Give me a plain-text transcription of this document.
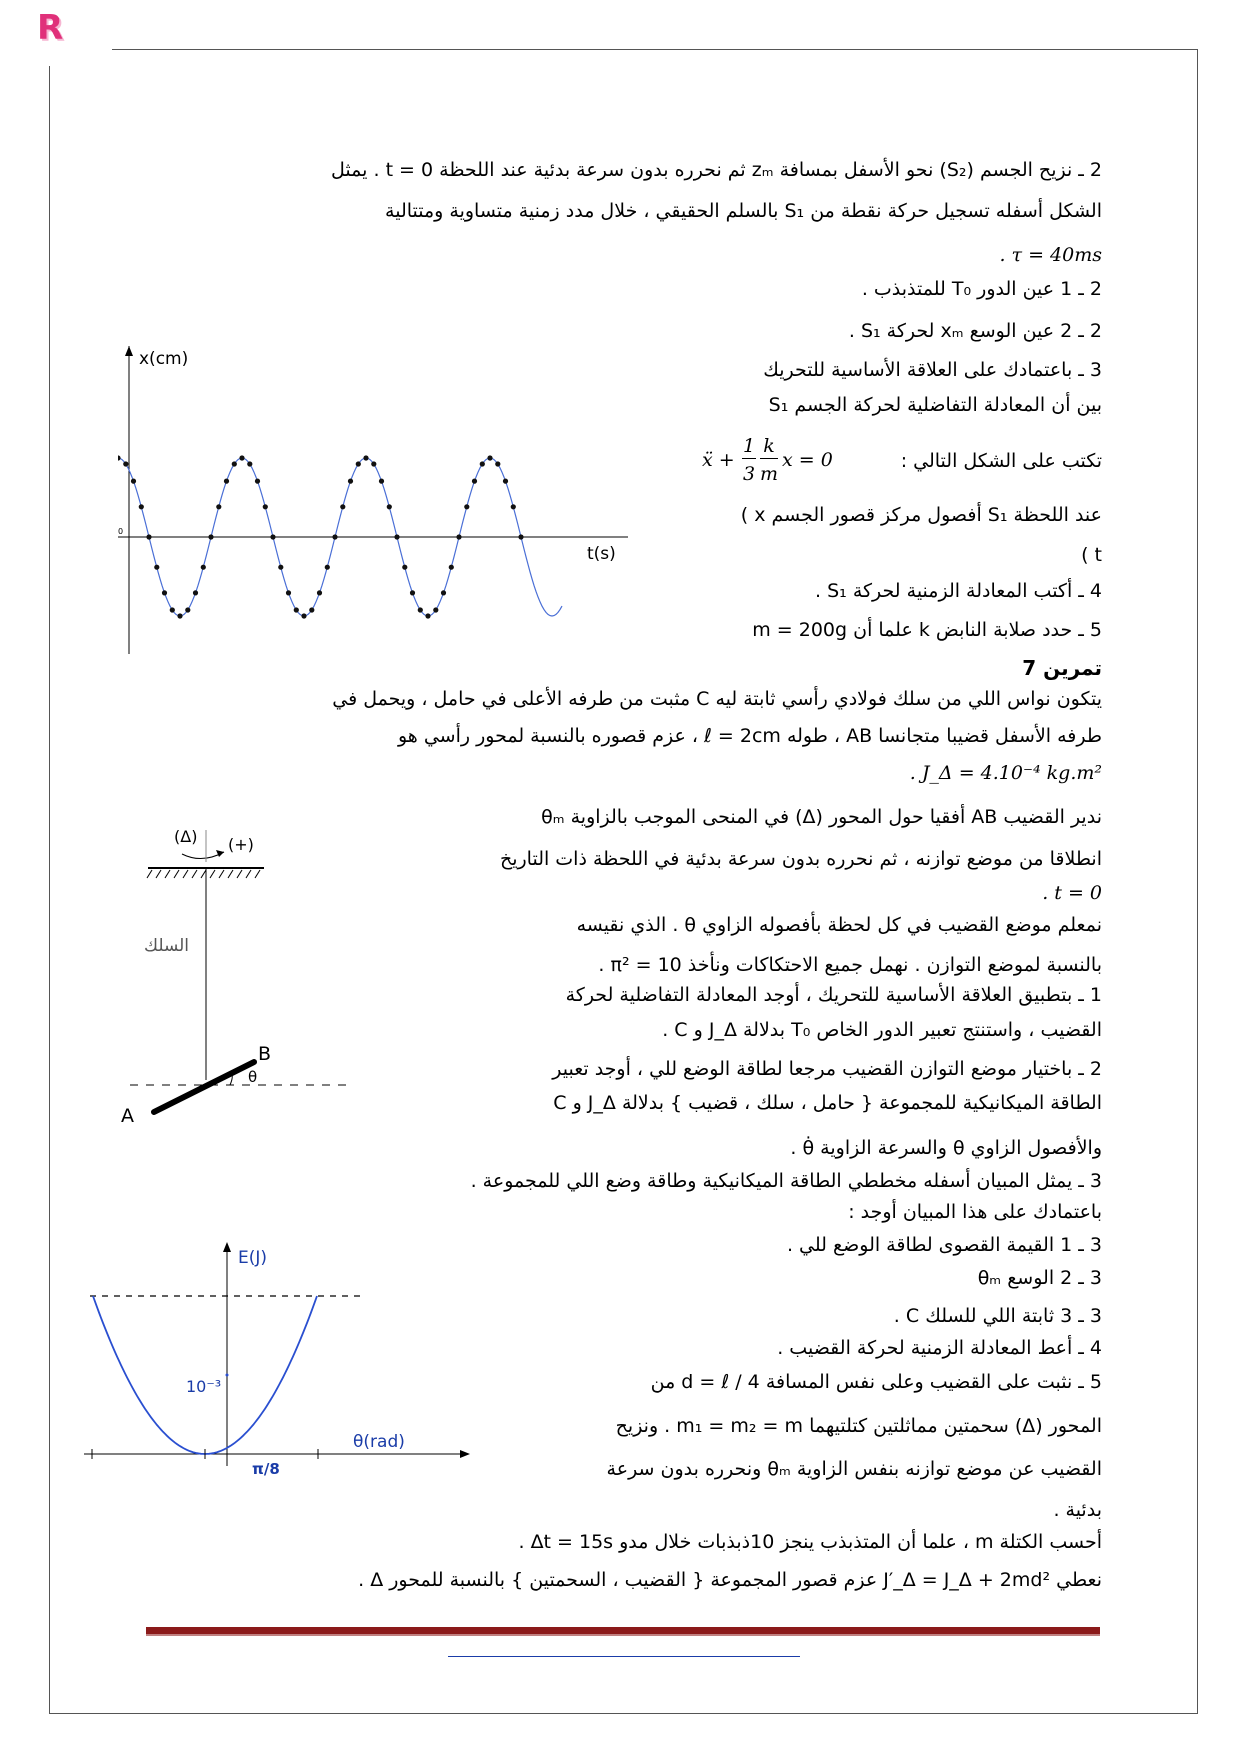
R
2 ـ نزيح الجسم (S₂) نحو الأسفل بمسافة zₘ ثم نحرره بدون سرعة بدئية عند اللحظة t = 0 . يمثل
الشكل أسفله تسجيل حركة نقطة من S₁ بالسلم الحقيقي ، خلال مدد زمنية متساوية ومتتالية
. τ = 40ms
2 ـ 1 عين الدور T₀ للمتذبذب .
2 ـ 2 عين الوسع xₘ لحركة S₁ .
3 ـ باعتمادك على العلاقة الأساسية للتحريك
بين أن المعادلة التفاضلية لحركة الجسم S₁
تكتب على الشكل التالي :
ẍ +
1
3
k
m
x = 0
( x أفصول مركز قصور الجسم S₁ عند اللحظة
( t
4 ـ أكتب المعادلة الزمنية لحركة S₁ .
5 ـ حدد صلابة النابض k علما أن m = 200g
x(cm)
t(s)
0
تمرين 7
يتكون نواس اللي من سلك فولادي رأسي ثابتة ليه C مثبت من طرفه الأعلى في حامل ، ويحمل في
طرفه الأسفل قضيبا متجانسا AB ، طوله ℓ = 2cm ، عزم قصوره بالنسبة لمحور رأسي هو
. J_Δ = 4.10⁻⁴ kg.m²
ندير القضيب AB أفقيا حول المحور (Δ) في المنحى الموجب بالزاوية θₘ
انطلاقا من موضع توازنه ، ثم نحرره بدون سرعة بدئية في اللحظة ذات التاريخ
. t = 0
نمعلم موضع القضيب في كل لحظة بأفصوله الزاوي θ . الذي نقيسه
بالنسبة لموضع التوازن . نهمل جميع الاحتكاكات ونأخذ π² = 10 .
1 ـ بتطبيق العلاقة الأساسية للتحريك ، أوجد المعادلة التفاضلية لحركة
القضيب ، واستنتج تعبير الدور الخاص T₀ بدلالة J_Δ و C .
2 ـ باختيار موضع التوازن القضيب مرجعا لطاقة الوضع للي ، أوجد تعبير
الطاقة الميكانيكية للمجموعة { حامل ، سلك ، قضيب } بدلالة J_Δ و C
والأفصول الزاوي θ والسرعة الزاوية θ̇ .
3 ـ يمثل المبيان أسفله مخططي الطاقة الميكانيكية وطاقة وضع اللي للمجموعة .
باعتمادك على هذا المبيان أوجد :
3 ـ 1 القيمة القصوى لطاقة الوضع للي .
3 ـ 2 الوسع θₘ
3 ـ 3 ثابتة اللي للسلك C .
4 ـ أعط المعادلة الزمنية لحركة القضيب .
5 ـ نثبت على القضيب وعلى نفس المسافة d = ℓ / 4 من
المحور (Δ) سحمتين مماثلتين كتلتيهما m₁ = m₂ = m . ونزيح
القضيب عن موضع توازنه بنفس الزاوية θₘ ونحرره بدون سرعة
بدئية .
أحسب الكتلة m ، علما أن المتذبذب ينجز 10ذبذبات خلال مدو Δt = 15s .
نعطي J′_Δ = J_Δ + 2md² عزم قصور المجموعة { القضيب ، السحمتين } بالنسبة للمحور Δ .
(Δ) (+)
السلك
A
B
θ
E(J)
θ(rad)
10⁻³
π/8
